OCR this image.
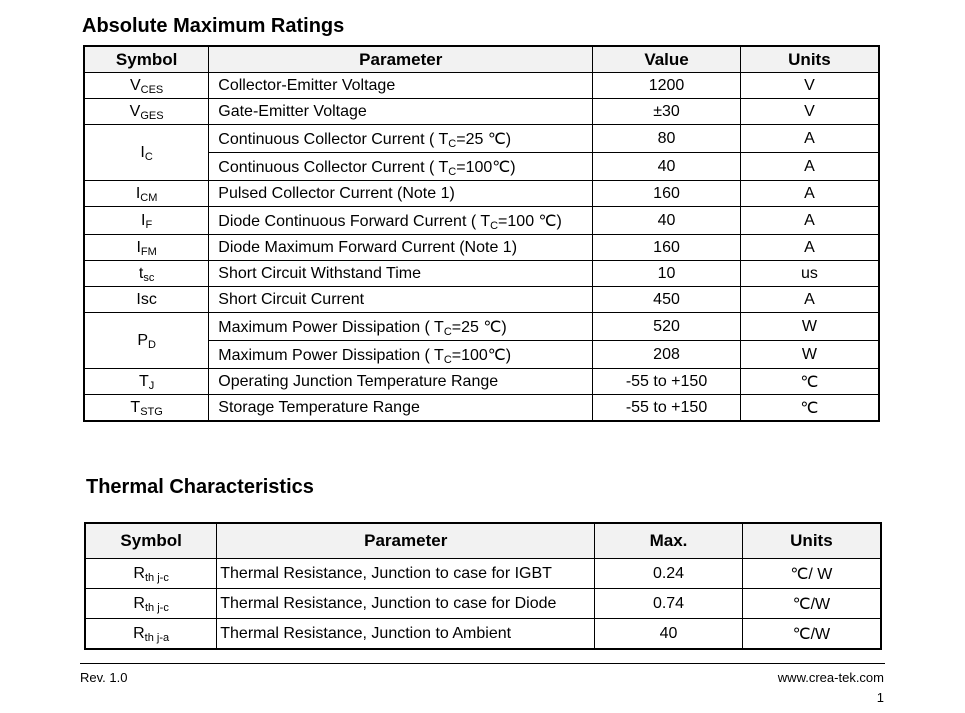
Absolute Maximum Ratings
Symbol	Parameter	Value	Units
$V_{CES}$	Collector-Emitter Voltage	1200	V
$V_{GES}$	Gate-Emitter Voltage	±30	V
$I_C$	Continuous Collector Current ( $T_C=25$ ℃)	80	A
	Continuous Collector Current ( $T_C=100℃$)	40	A
$I_{CM}$	Pulsed Collector Current (Note 1)	160	A
$I_F$	Diode Continuous Forward Current ( $T_C=100$ ℃)	40	A
$I_{FM}$	Diode Maximum Forward Current (Note 1)	160	A
$t_{sc}$	Short Circuit Withstand Time	10	us
Isc	Short Circuit Current	450	A
$P_D$	Maximum Power Dissipation ( $T_C=25$ ℃)	520	W
	Maximum Power Dissipation ( $T_C=100℃$)	208	W
$T_J$	Operating Junction Temperature Range	-55 to +150	℃
$T_{STG}$	Storage Temperature Range	-55 to +150	℃
Thermal Characteristics
Symbol	Parameter	Max.	Units
$R_{th j-c}$	Thermal Resistance, Junction to case for IGBT	0.24	℃/ W
$R_{th j-c}$	Thermal Resistance, Junction to case for Diode	0.74	℃/W
$R_{th j-a}$	Thermal Resistance, Junction to Ambient	40	℃/W
Rev. 1.0	www.crea-tek.com
1
